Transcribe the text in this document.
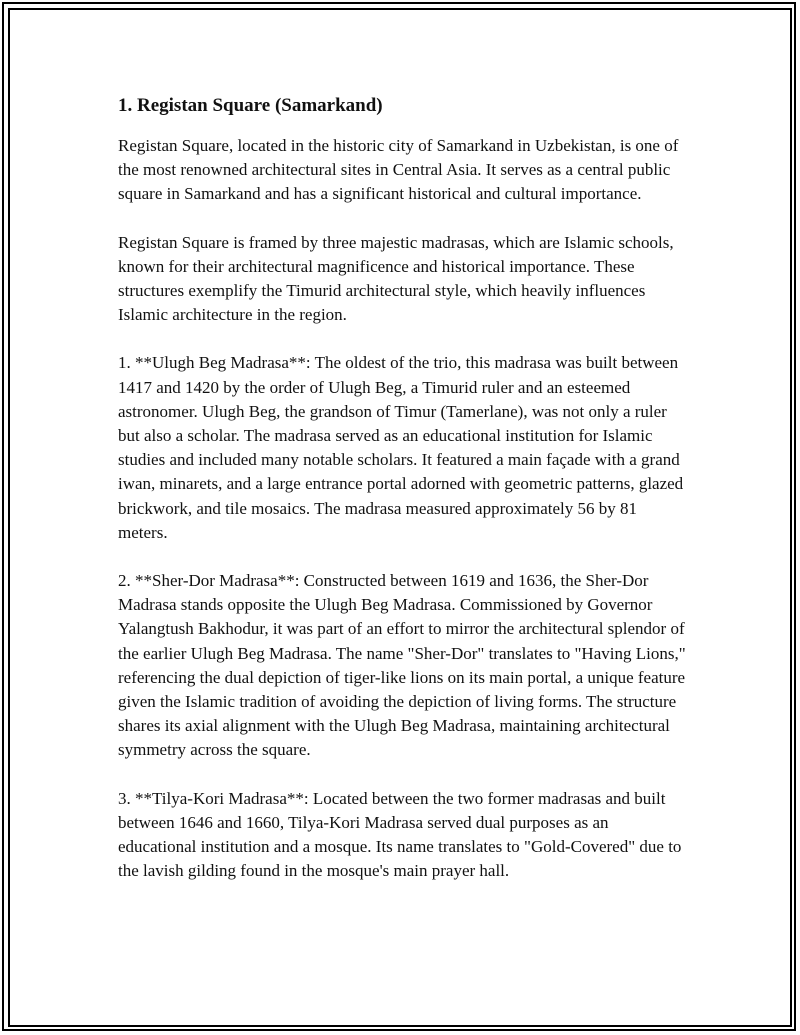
1. Registan Square (Samarkand)

Registan Square, located in the historic city of Samarkand in Uzbekistan, is one of the most renowned architectural sites in Central Asia. It serves as a central public square in Samarkand and has a significant historical and cultural importance.

Registan Square is framed by three majestic madrasas, which are Islamic schools, known for their architectural magnificence and historical importance. These structures exemplify the Timurid architectural style, which heavily influences Islamic architecture in the region.

1. **Ulugh Beg Madrasa**: The oldest of the trio, this madrasa was built between 1417 and 1420 by the order of Ulugh Beg, a Timurid ruler and an esteemed astronomer. Ulugh Beg, the grandson of Timur (Tamerlane), was not only a ruler but also a scholar. The madrasa served as an educational institution for Islamic studies and included many notable scholars. It featured a main façade with a grand iwan, minarets, and a large entrance portal adorned with geometric patterns, glazed brickwork, and tile mosaics. The madrasa measured approximately 56 by 81 meters.

2. **Sher-Dor Madrasa**: Constructed between 1619 and 1636, the Sher-Dor Madrasa stands opposite the Ulugh Beg Madrasa. Commissioned by Governor Yalangtush Bakhodur, it was part of an effort to mirror the architectural splendor of the earlier Ulugh Beg Madrasa. The name "Sher-Dor" translates to "Having Lions," referencing the dual depiction of tiger-like lions on its main portal, a unique feature given the Islamic tradition of avoiding the depiction of living forms. The structure shares its axial alignment with the Ulugh Beg Madrasa, maintaining architectural symmetry across the square.

3. **Tilya-Kori Madrasa**: Located between the two former madrasas and built between 1646 and 1660, Tilya-Kori Madrasa served dual purposes as an educational institution and a mosque. Its name translates to "Gold-Covered" due to the lavish gilding found in the mosque's main prayer hall.
